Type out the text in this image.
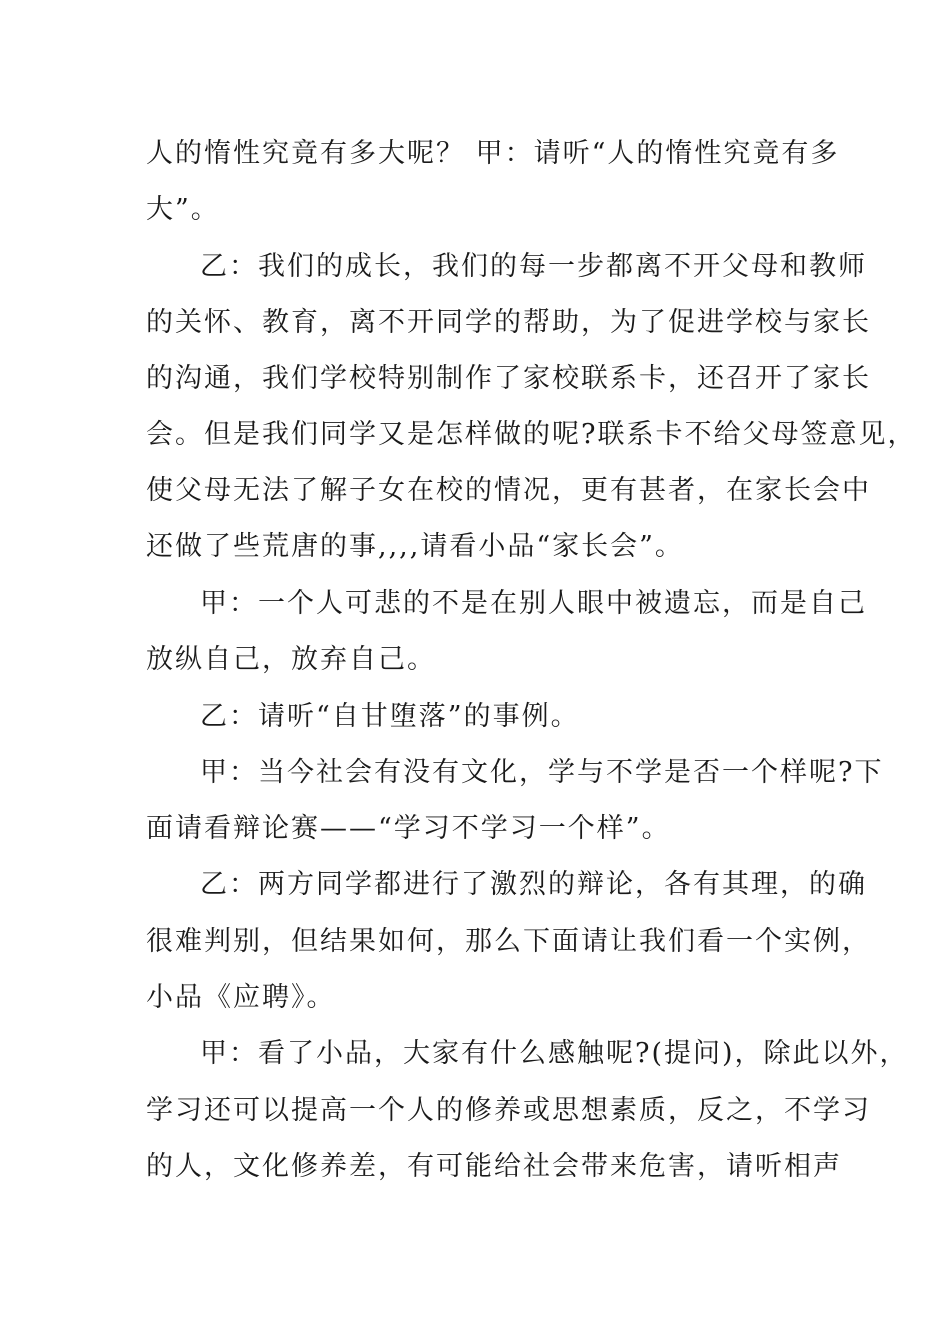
人的惰性究竟有多大呢？ 甲：请听“人的惰性究竟有多

大”。

乙：我们的成长，我们的每一步都离不开父母和教师

的关怀、教育，离不开同学的帮助，为了促进学校与家长

的沟通，我们学校特别制作了家校联系卡，还召开了家长

会。但是我们同学又是怎样做的呢?联系卡不给父母签意见，

使父母无法了解子女在校的情况，更有甚者，在家长会中

还做了些荒唐的事,,,,请看小品“家长会”。

甲：一个人可悲的不是在别人眼中被遗忘，而是自己

放纵自己，放弃自己。

乙：请听“自甘堕落”的事例。

甲：当今社会有没有文化，学与不学是否一个样呢?下

面请看辩论赛——“学习不学习一个样”。

乙：两方同学都进行了激烈的辩论，各有其理，的确

很难判别，但结果如何，那么下面请让我们看一个实例，

小品《应聘》。

甲：看了小品，大家有什么感触呢?(提问)，除此以外，

学习还可以提高一个人的修养或思想素质，反之，不学习

的人，文化修养差，有可能给社会带来危害，请听相声
